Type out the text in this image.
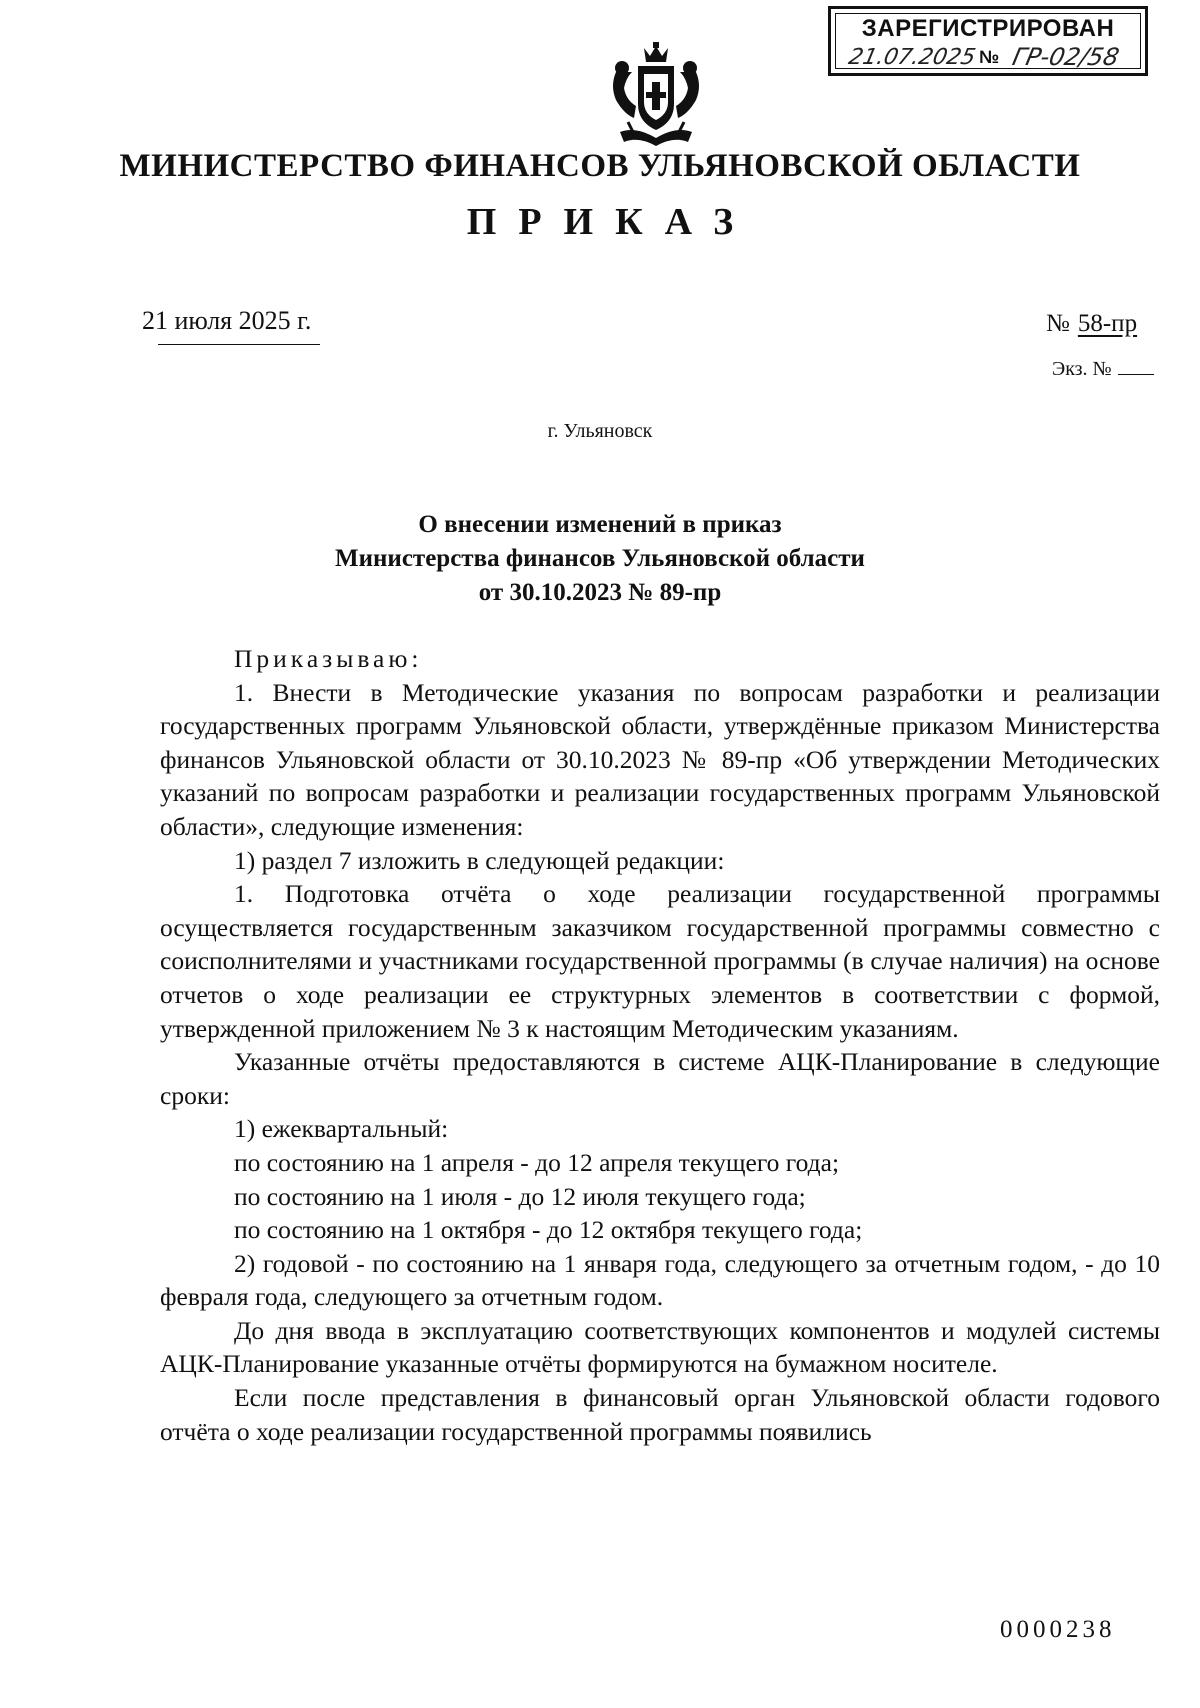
ЗАРЕГИСТРИРОВАН
21.07.2025 № ГР-02/58
МИНИСТЕРСТВО ФИНАНСОВ УЛЬЯНОВСКОЙ ОБЛАСТИ
ПРИКАЗ
21 июля 2025 г.	№ 58-пр
Экз. №
г. Ульяновск
О внесении изменений в приказ
Министерства финансов Ульяновской области
от 30.10.2023 № 89-пр

Приказываю:

1. Внести в Методические указания по вопросам разработки и реализации государственных программ Ульяновской области, утверждённые приказом Министерства финансов Ульяновской области от 30.10.2023 № 89-пр «Об утверждении Методических указаний по вопросам разработки и реализации государственных программ Ульяновской области», следующие изменения:

1) раздел 7 изложить в следующей редакции:

1. Подготовка отчёта о ходе реализации государственной программы осуществляется государственным заказчиком государственной программы совместно с соисполнителями и участниками государственной программы (в случае наличия) на основе отчетов о ходе реализации ее структурных элементов в соответствии с формой, утвержденной приложением № 3 к настоящим Методическим указаниям.

Указанные отчёты предоставляются в системе АЦК-Планирование в следующие сроки:

1) ежеквартальный:

по состоянию на 1 апреля - до 12 апреля текущего года;

по состоянию на 1 июля - до 12 июля текущего года;

по состоянию на 1 октября - до 12 октября текущего года;

2) годовой - по состоянию на 1 января года, следующего за отчетным годом, - до 10 февраля года, следующего за отчетным годом.

До дня ввода в эксплуатацию соответствующих компонентов и модулей системы АЦК-Планирование указанные отчёты формируются на бумажном носителе.

Если после представления в финансовый орган Ульяновской области годового отчёта о ходе реализации государственной программы появились

0000238
